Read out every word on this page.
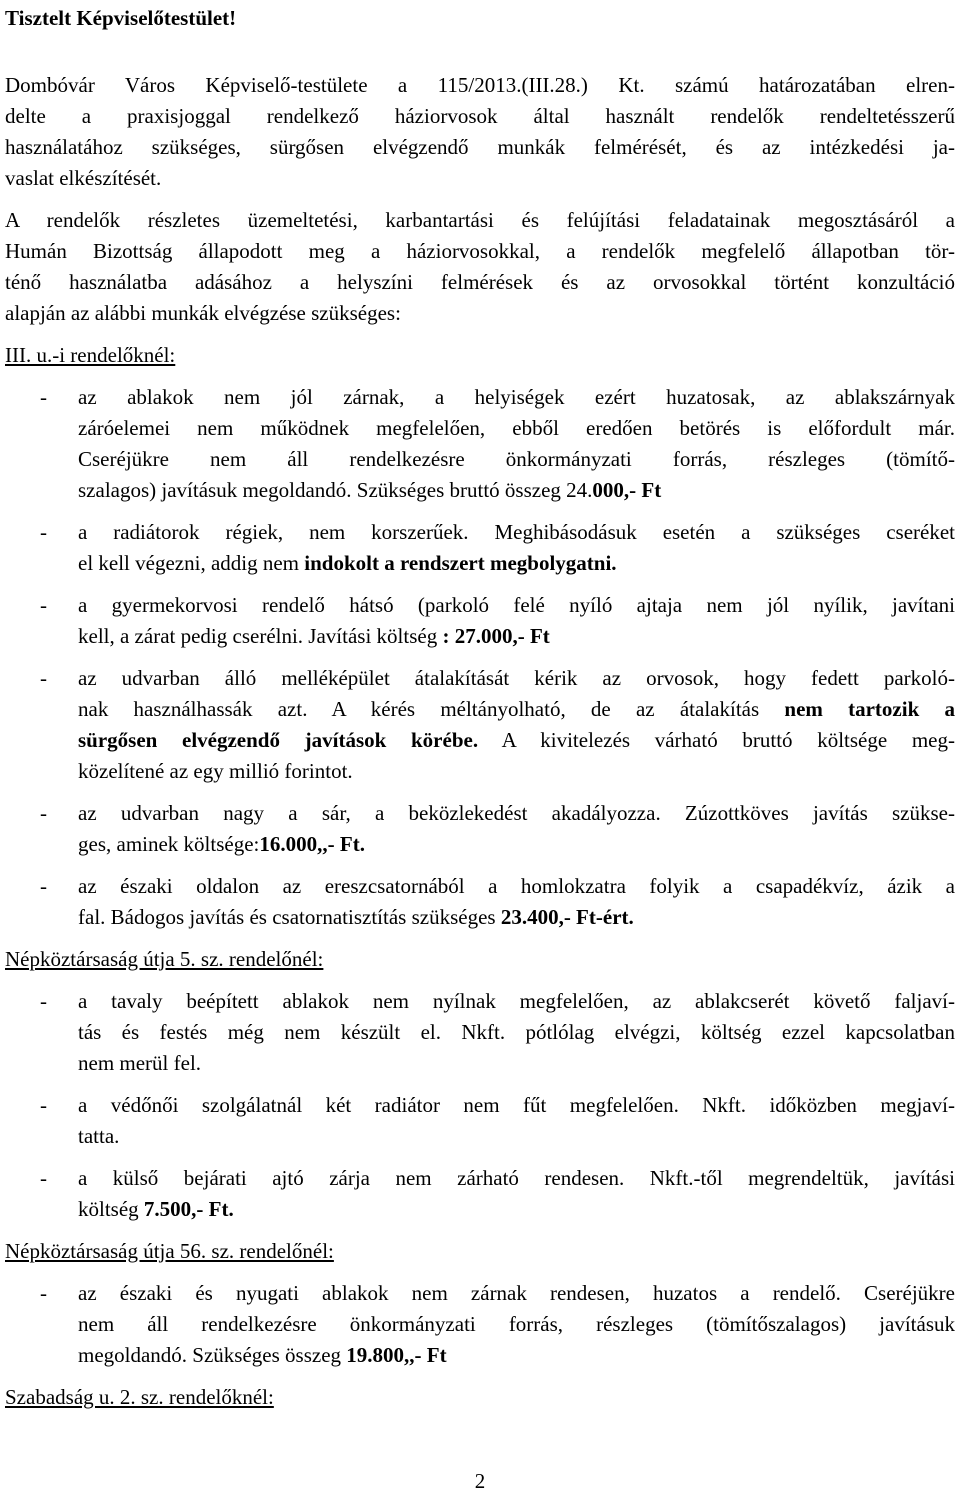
Tisztelt Képviselőtestület!
Dombóvár Város Képviselő-testülete a 115/2013.(III.28.) Kt. számú határozatában elren-
delte a praxisjoggal rendelkező háziorvosok által használt rendelők rendeltetésszerű
használatához szükséges, sürgősen elvégzendő munkák felmérését, és az intézkedési ja-
vaslat elkészítését.
A rendelők részletes üzemeltetési, karbantartási és felújítási feladatainak megosztásáról a
Humán Bizottság állapodott meg a háziorvosokkal, a rendelők megfelelő állapotban tör-
ténő használatba adásához a helyszíni felmérések és az orvosokkal történt konzultáció
alapján az alábbi munkák elvégzése szükséges:
III. u.-i rendelőknél:
- az ablakok nem jól zárnak, a helyiségek ezért huzatosak, az ablakszárnyak
záróelemei nem működnek megfelelően, ebből eredően betörés is előfordult már.
Cseréjükre nem áll rendelkezésre önkormányzati forrás, részleges (tömítő-
szalagos) javításuk megoldandó. Szükséges bruttó összeg 24.000,- Ft
- a radiátorok régiek, nem korszerűek. Meghibásodásuk esetén a szükséges cseréket
el kell végezni, addig nem indokolt a rendszert megbolygatni.
- a gyermekorvosi rendelő hátsó (parkoló felé nyíló ajtaja nem jól nyílik, javítani
kell, a zárat pedig cserélni. Javítási költség : 27.000,- Ft
- az udvarban álló melléképület átalakítását kérik az orvosok, hogy fedett parkoló-
nak használhassák azt. A kérés méltányolható, de az átalakítás nem tartozik a
sürgősen elvégzendő javítások körébe. A kivitelezés várható bruttó költsége meg-
közelítené az egy millió forintot.
- az udvarban nagy a sár, a beközlekedést akadályozza. Zúzottköves javítás szükse-
ges, aminek költsége:16.000,,- Ft.
- az északi oldalon az ereszcsatornából a homlokzatra folyik a csapadékvíz, ázik a
fal. Bádogos javítás és csatornatisztítás szükséges 23.400,- Ft-ért.
Népköztársaság útja 5. sz. rendelőnél:
- a tavaly beépített ablakok nem nyílnak megfelelően, az ablakcserét követő faljaví-
tás és festés még nem készült el. Nkft. pótlólag elvégzi, költség ezzel kapcsolatban
nem merül fel.
- a védőnői szolgálatnál két radiátor nem fűt megfelelően. Nkft. időközben megjaví-
tatta.
- a külső bejárati ajtó zárja nem zárható rendesen. Nkft.-től megrendeltük, javítási
költség 7.500,- Ft.
Népköztársaság útja 56. sz. rendelőnél:
- az északi és nyugati ablakok nem zárnak rendesen, huzatos a rendelő. Cseréjükre
nem áll rendelkezésre önkormányzati forrás, részleges (tömítőszalagos) javításuk
megoldandó. Szükséges összeg 19.800,,- Ft
Szabadság u. 2. sz. rendelőknél:
2
